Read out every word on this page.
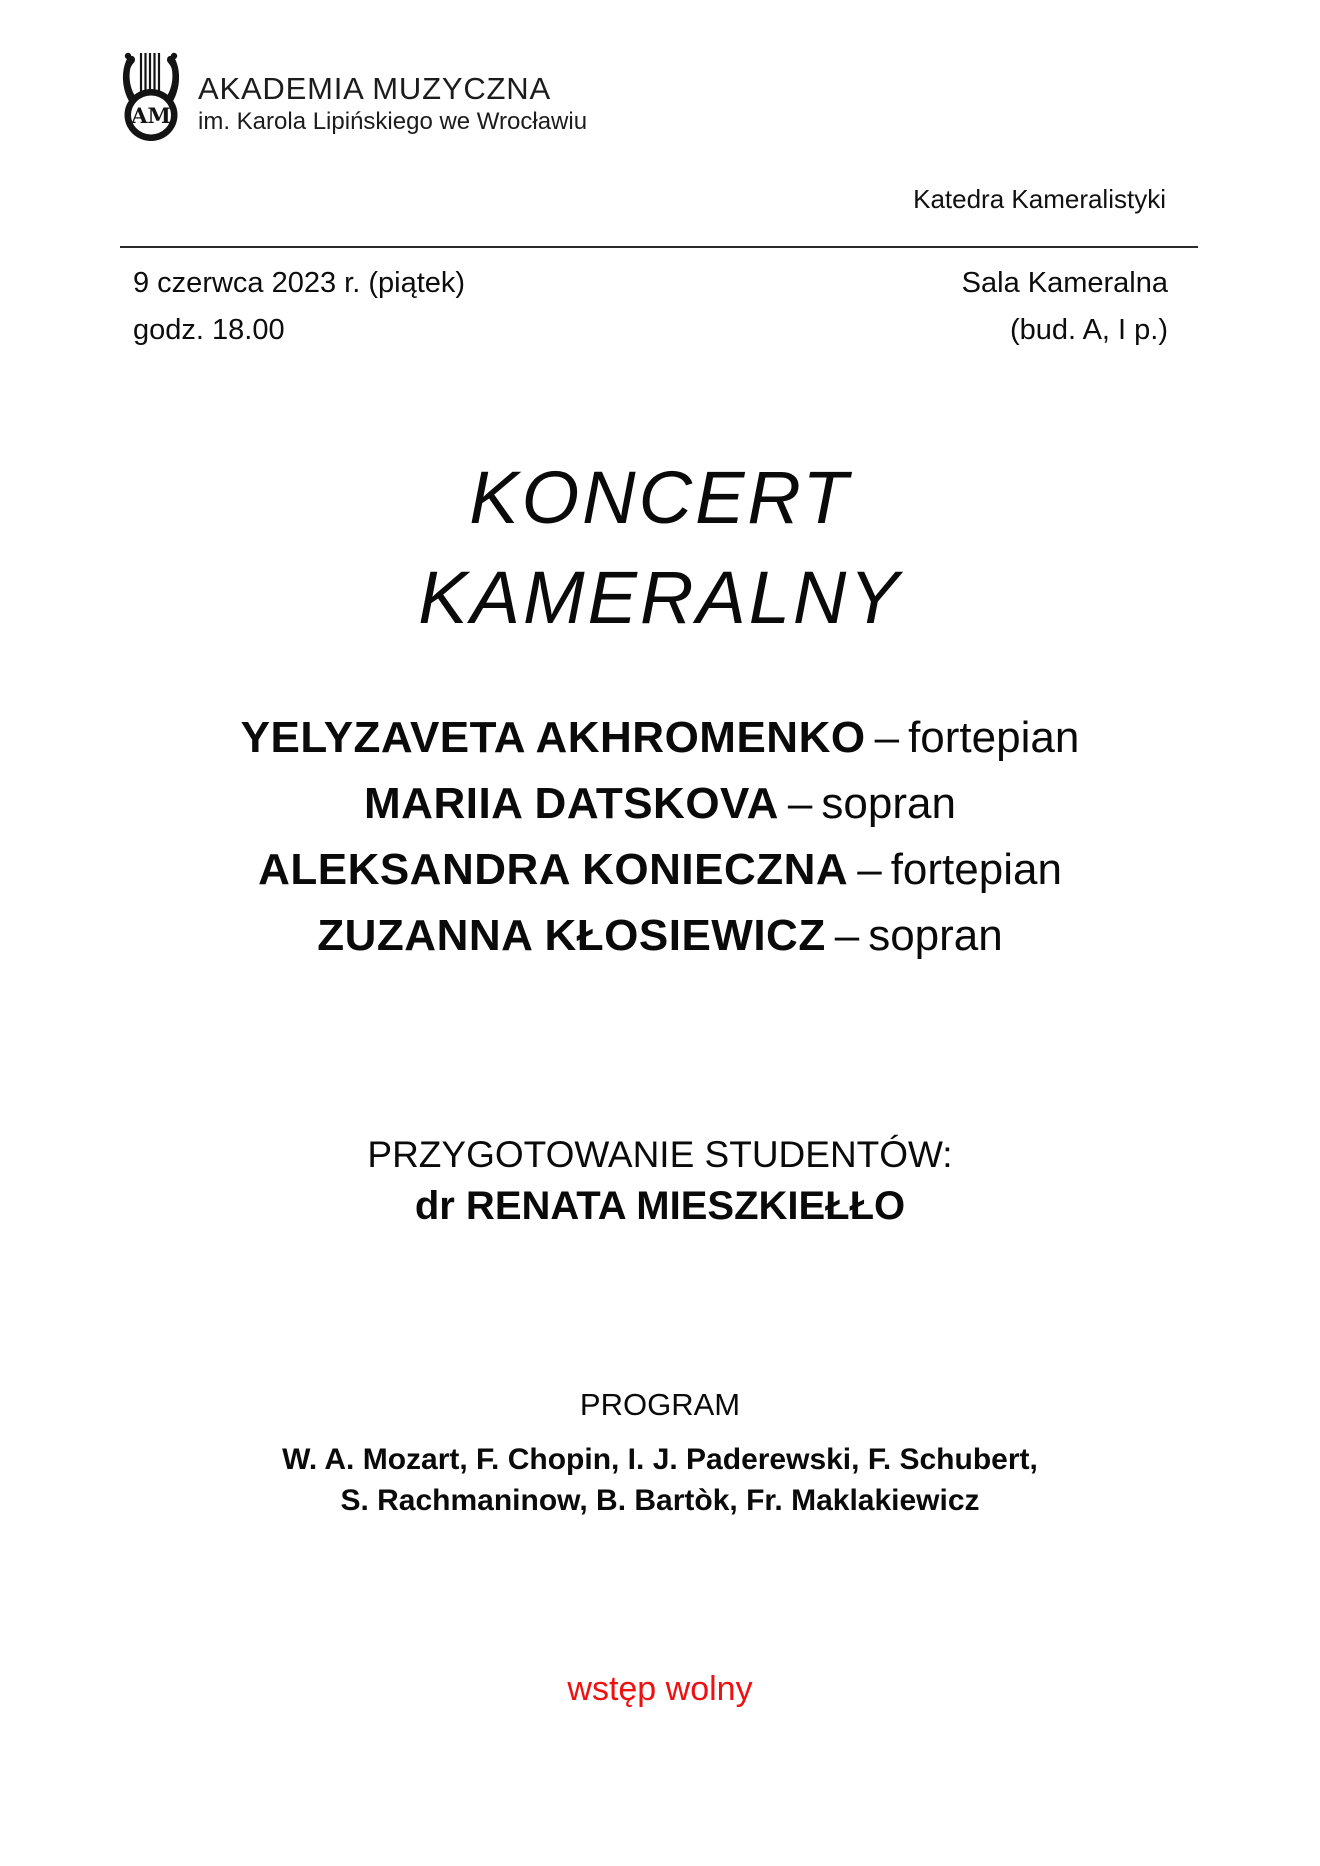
AM
AKADEMIA MUZYCZNA
im. Karola Lipińskiego we Wrocławiu
Katedra Kameralistyki
9 czerwca 2023 r. (piątek)	Sala Kameralna
godz. 18.00	(bud. A, I p.)
KONCERT
KAMERALNY
YELYZAVETA AKHROMENKO – fortepian
MARIIA DATSKOVA – sopran
ALEKSANDRA KONIECZNA – fortepian
ZUZANNA KŁOSIEWICZ – sopran
PRZYGOTOWANIE STUDENTÓW:
dr RENATA MIESZKIEŁŁO
PROGRAM
W. A. Mozart, F. Chopin, I. J. Paderewski, F. Schubert,
S. Rachmaninow, B. Bartòk, Fr. Maklakiewicz
wstęp wolny
